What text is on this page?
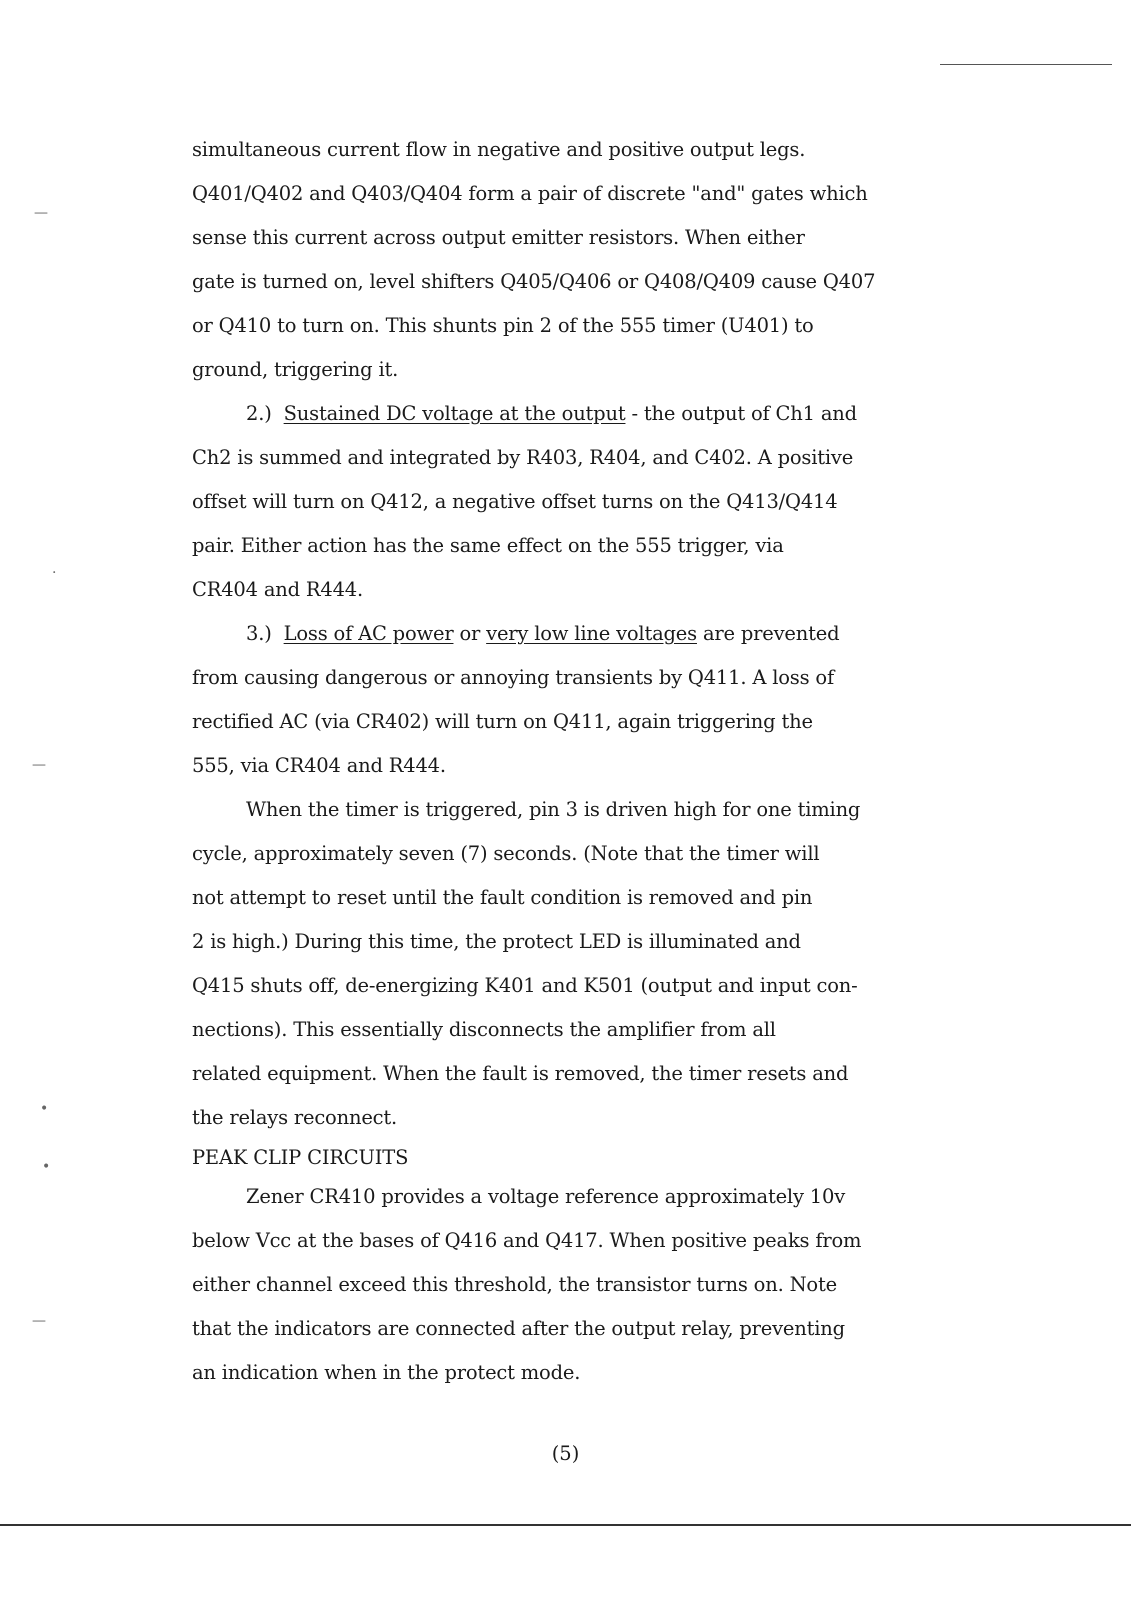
—
·
—
•
•
—
simultaneous current flow in negative and positive output legs.
Q401/Q402 and Q403/Q404 form a pair of discrete "and" gates which
sense this current across output emitter resistors. When either
gate is turned on, level shifters Q405/Q406 or Q408/Q409 cause Q407
or Q410 to turn on. This shunts pin 2 of the 555 timer (U401) to
ground, triggering it.
2.) Sustained DC voltage at the output - the output of Ch1 and
Ch2 is summed and integrated by R403, R404, and C402. A positive
offset will turn on Q412, a negative offset turns on the Q413/Q414
pair. Either action has the same effect on the 555 trigger, via
CR404 and R444.
3.) Loss of AC power or very low line voltages are prevented
from causing dangerous or annoying transients by Q411. A loss of
rectified AC (via CR402) will turn on Q411, again triggering the
555, via CR404 and R444.
When the timer is triggered, pin 3 is driven high for one timing
cycle, approximately seven (7) seconds. (Note that the timer will
not attempt to reset until the fault condition is removed and pin
2 is high.) During this time, the protect LED is illuminated and
Q415 shuts off, de-energizing K401 and K501 (output and input con-
nections). This essentially disconnects the amplifier from all
related equipment. When the fault is removed, the timer resets and
the relays reconnect.
PEAK CLIP CIRCUITS
Zener CR410 provides a voltage reference approximately 10v
below Vcc at the bases of Q416 and Q417. When positive peaks from
either channel exceed this threshold, the transistor turns on. Note
that the indicators are connected after the output relay, preventing
an indication when in the protect mode.
(5)
